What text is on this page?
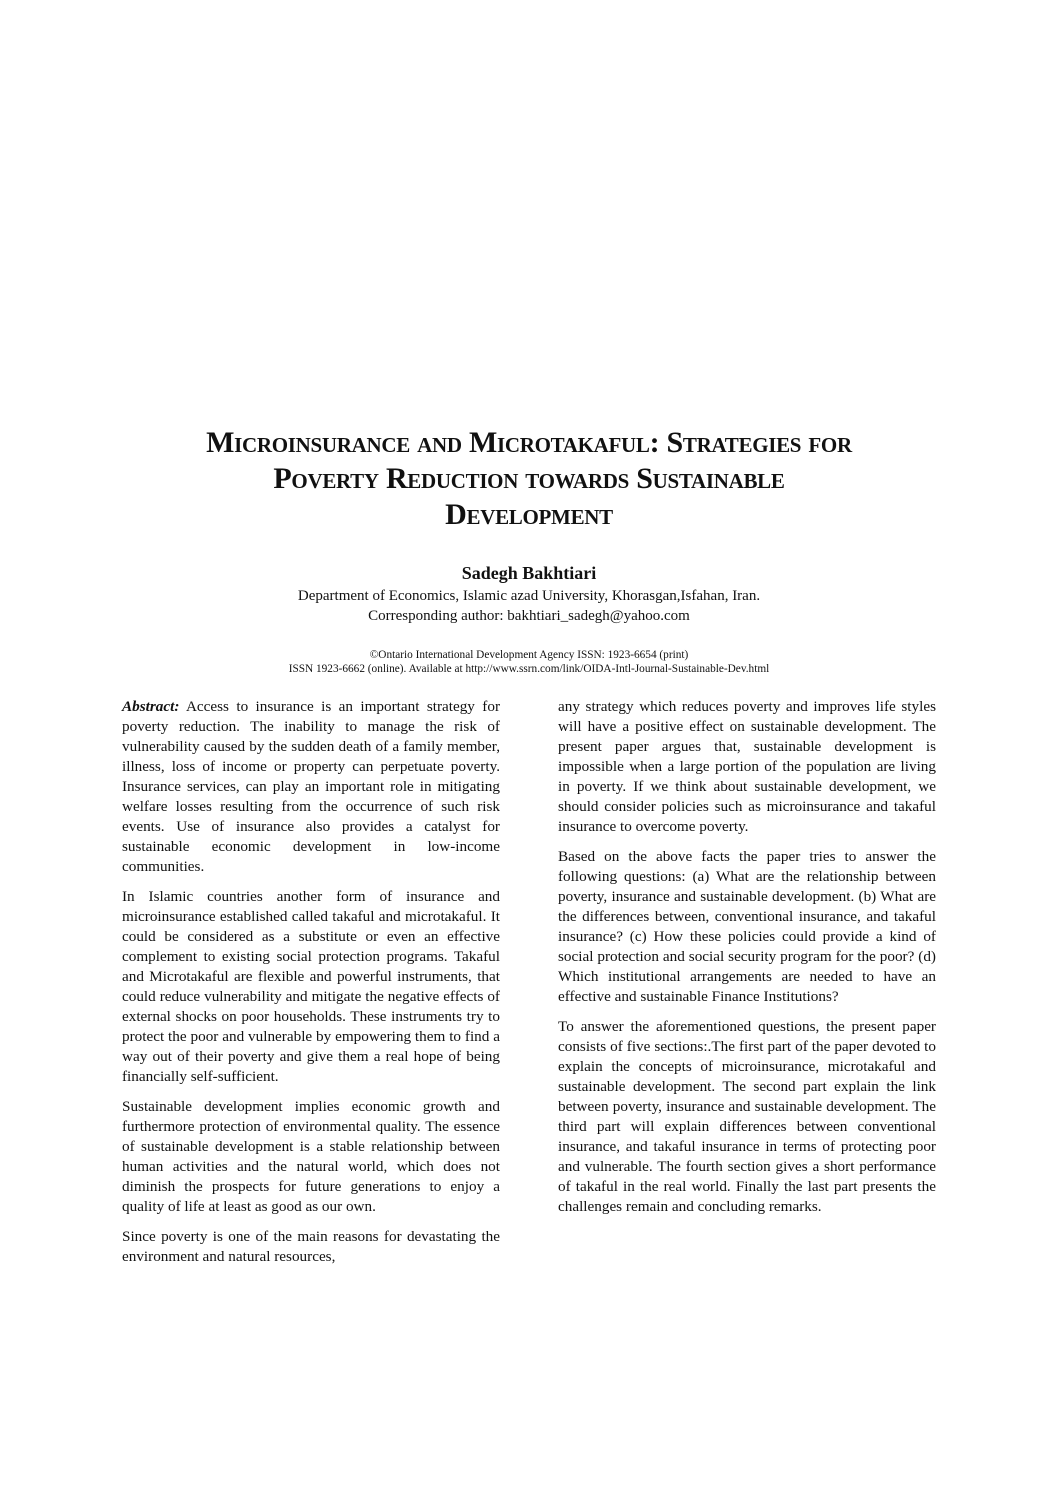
Microinsurance and Microtakaful: Strategies for
Poverty Reduction towards Sustainable
Development
Sadegh Bakhtiari
Department of Economics, Islamic azad University, Khorasgan,Isfahan, Iran.
Corresponding author: bakhtiari_sadegh@yahoo.com
©Ontario International Development Agency ISSN: 1923-6654 (print)
ISSN 1923-6662 (online). Available at http://www.ssrn.com/link/OIDA-Intl-Journal-Sustainable-Dev.html

Abstract: Access to insurance is an important strategy for poverty reduction. The inability to manage the risk of vulnerability caused by the sudden death of a family member, illness, loss of income or property can perpetuate poverty. Insurance services, can play an important role in mitigating welfare losses resulting from the occurrence of such risk events. Use of insurance also provides a catalyst for sustainable economic development in low-income communities.

In Islamic countries another form of insurance and microinsurance established called takaful and microtakaful. It could be considered as a substitute or even an effective complement to existing social protection programs. Takaful and Microtakaful are flexible and powerful instruments, that could reduce vulnerability and mitigate the negative effects of external shocks on poor households. These instruments try to protect the poor and vulnerable by empowering them to find a way out of their poverty and give them a real hope of being financially self-sufficient.

Sustainable development implies economic growth and furthermore protection of environmental quality. The essence of sustainable development is a stable relationship between human activities and the natural world, which does not diminish the prospects for future generations to enjoy a quality of life at least as good as our own.

Since poverty is one of the main reasons for devastating the environment and natural resources,

any strategy which reduces poverty and improves life styles will have a positive effect on sustainable development. The present paper argues that, sustainable development is impossible when a large portion of the population are living in poverty. If we think about sustainable development, we should consider policies such as microinsurance and takaful insurance to overcome poverty.

Based on the above facts the paper tries to answer the following questions: (a) What are the relationship between poverty, insurance and sustainable development. (b) What are the differences between, conventional insurance, and takaful insurance? (c) How these policies could provide a kind of social protection and social security program for the poor? (d) Which institutional arrangements are needed to have an effective and sustainable Finance Institutions?

To answer the aforementioned questions, the present paper consists of five sections:.The first part of the paper devoted to explain the concepts of microinsurance, microtakaful and sustainable development. The second part explain the link between poverty, insurance and sustainable development. The third part will explain differences between conventional insurance, and takaful insurance in terms of protecting poor and vulnerable. The fourth section gives a short performance of takaful in the real world. Finally the last part presents the challenges remain and concluding remarks.
